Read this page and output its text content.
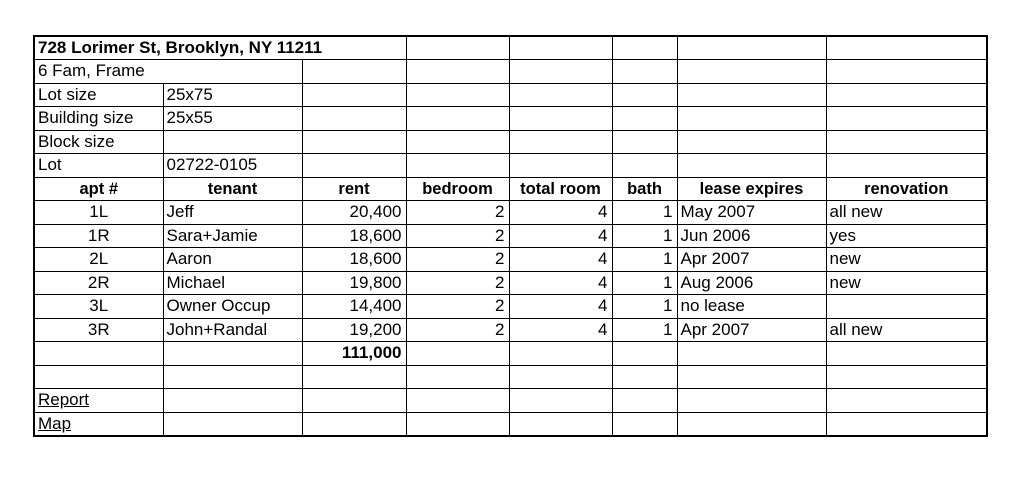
728 Lorimer St, Brooklyn, NY 11211							
6 Fam, Frame							
Lot size	25x75						
Building size	25x55						
Block size							
Lot	02722-0105						
apt #	tenant	rent	bedroom	total room	bath	lease expires	renovation
1L	Jeff	20,400	2	4	1	May 2007	all new
1R	Sara+Jamie	18,600	2	4	1	Jun 2006	yes
2L	Aaron	18,600	2	4	1	Apr 2007	new
2R	Michael	19,800	2	4	1	Aug 2006	new
3L	Owner Occup	14,400	2	4	1	no lease	
3R	John+Randal	19,200	2	4	1	Apr 2007	all new
		111,000					

Report							
Map							
